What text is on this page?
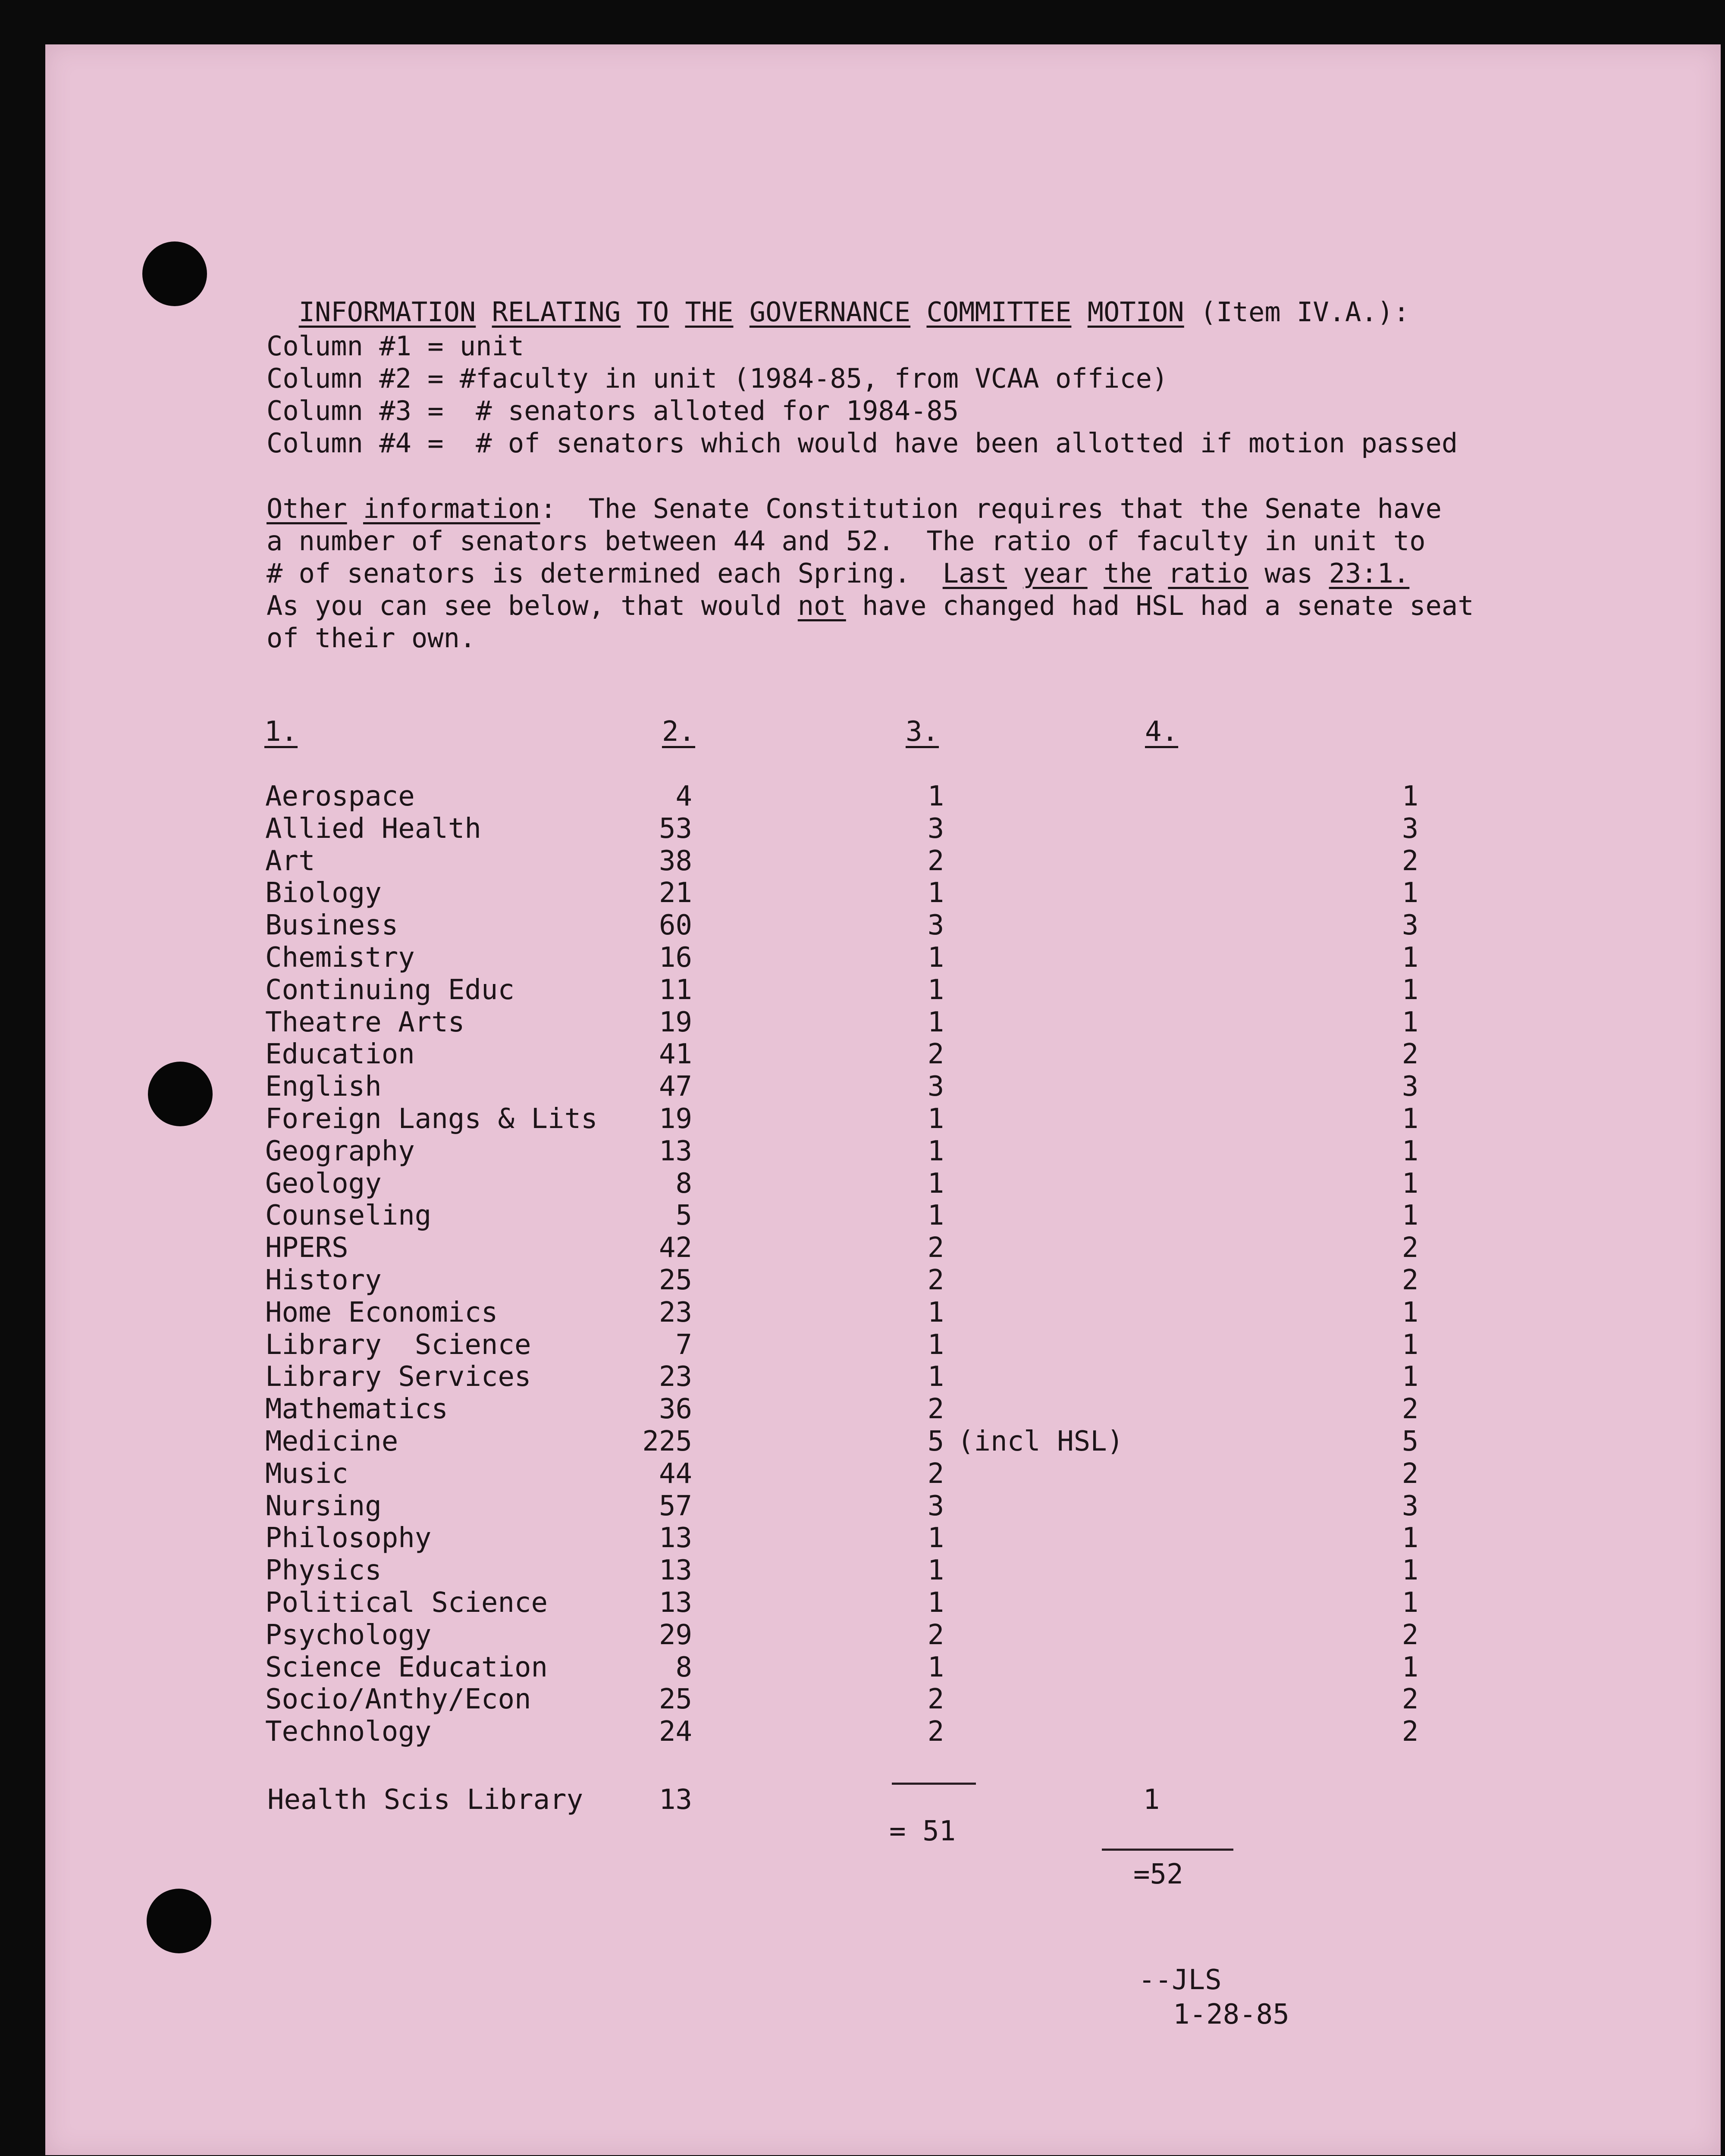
INFORMATION RELATING TO THE GOVERNANCE COMMITTEE MOTION (Item IV.A.):

Column #1 = unit
Column #2 = #faculty in unit (1984-85, from VCAA office)
Column #3 =  # senators alloted for 1984-85
Column #4 =  # of senators which would have been allotted if motion passed
Other information:  The Senate Constitution requires that the Senate have
a number of senators between 44 and 52.  The ratio of faculty in unit to
# of senators is determined each Spring.  Last year the ratio was 23:1.
As you can see below, that would not have changed had HSL had a senate seat
of their own.
1.	2.	3.	4.
Aerospace	4	1	1
Allied Health	53	3	3
Art	38	2	2
Biology	21	1	1
Business	60	3	3
Chemistry	16	1	1
Continuing Educ	11	1	1
Theatre Arts	19	1	1
Education	41	2	2
English	47	3	3
Foreign Langs & Lits	19	1	1
Geography	13	1	1
Geology	8	1	1
Counseling	5	1	1
HPERS	42	2	2
History	25	2	2
Home Economics	23	1	1
Library  Science	7	1	1
Library Services	23	1	1
Mathematics	36	2	2
Medicine	225	5 (incl HSL)	5
Music	44	2	2
Nursing	57	3	3
Philosophy	13	1	1
Physics	13	1	1
Political Science	13	1	1
Psychology	29	2	2
Science Education	8	1	1
Socio/Anthy/Econ	25	2	2
Technology	24	2	2
Health Scis Library	13	1
= 51
=52
--JLS
1-28-85
